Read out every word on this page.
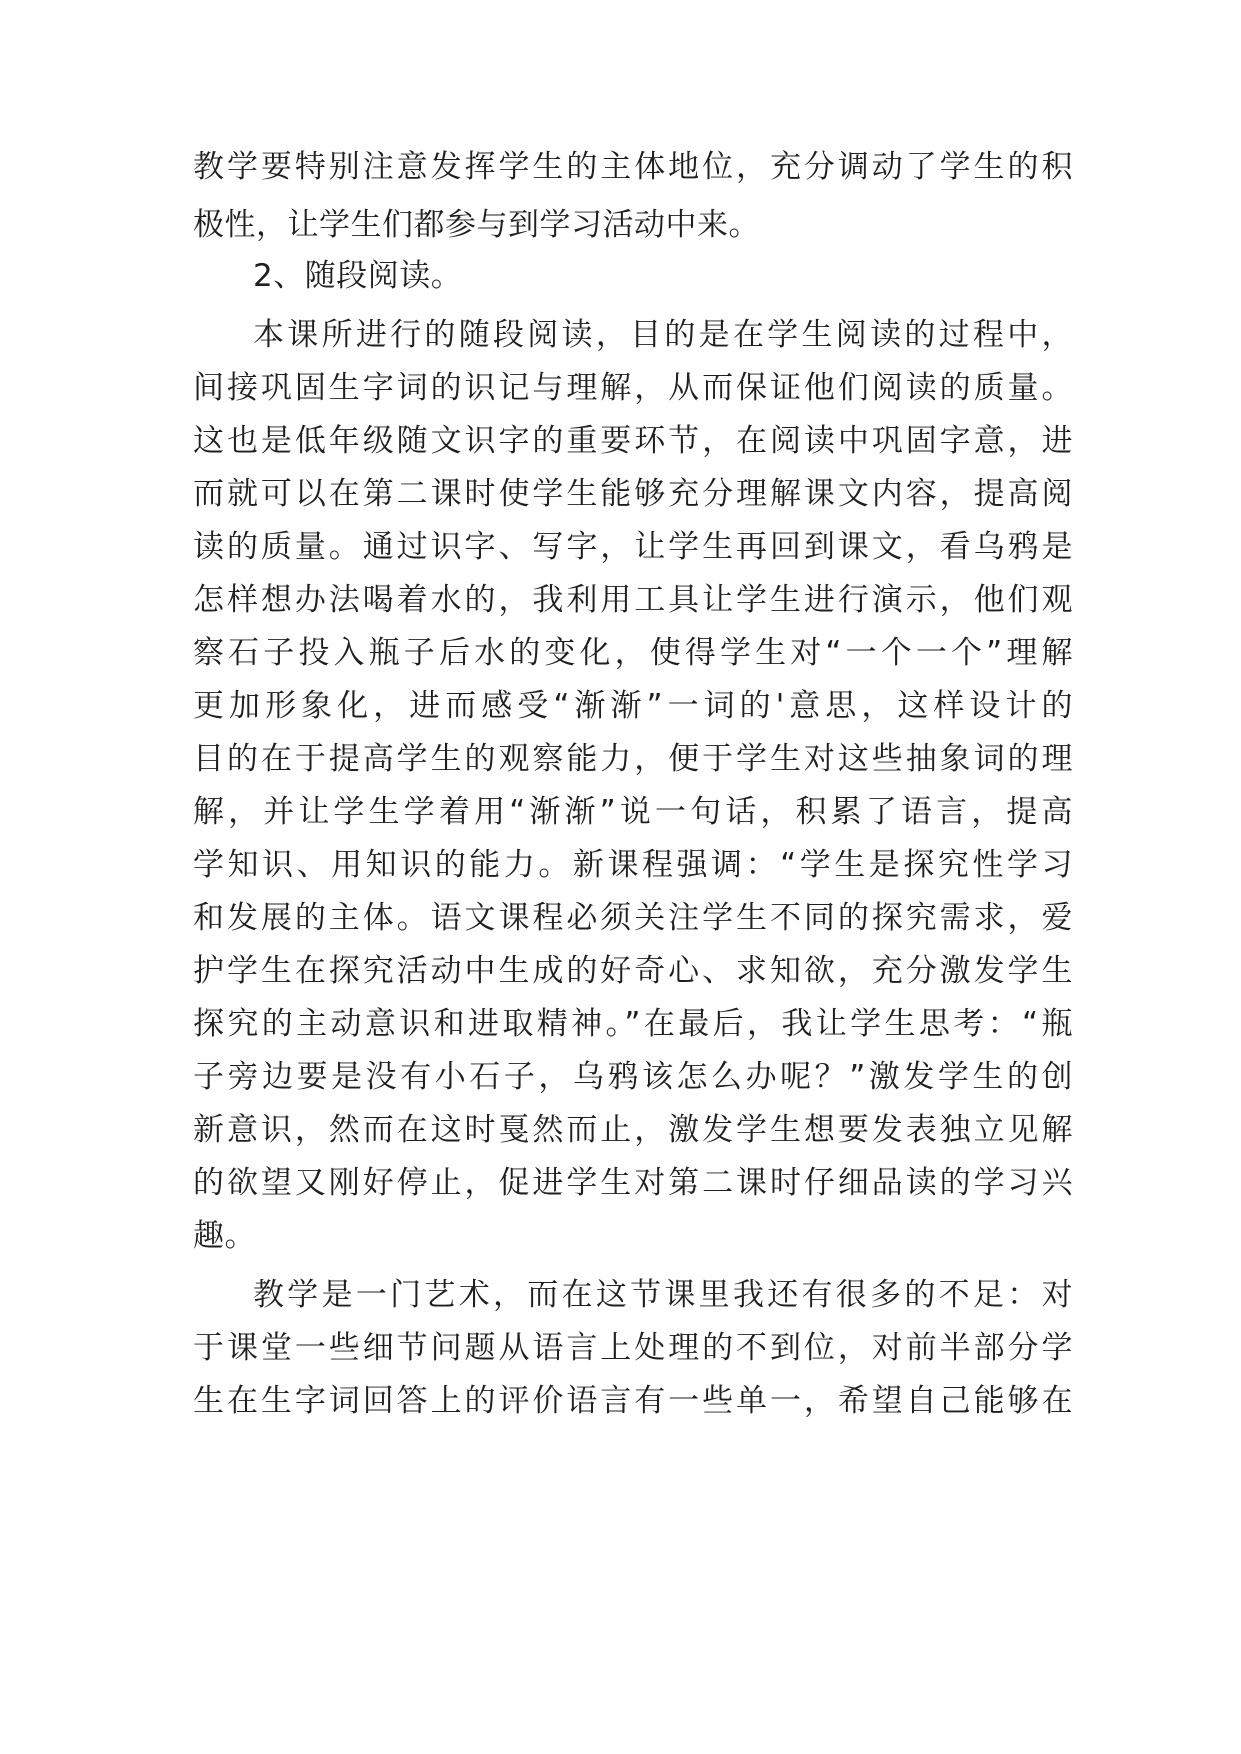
教学要特别注意发挥学生的主体地位，充分调动了学生的积
极性，让学生们都参与到学习活动中来。
2、随段阅读。
本课所进行的随段阅读，目的是在学生阅读的过程中，
间接巩固生字词的识记与理解，从而保证他们阅读的质量。
这也是低年级随文识字的重要环节，在阅读中巩固字意，进
而就可以在第二课时使学生能够充分理解课文内容，提高阅
读的质量。通过识字、写字，让学生再回到课文，看乌鸦是
怎样想办法喝着水的，我利用工具让学生进行演示，他们观
察石子投入瓶子后水的变化，使得学生对“一个一个”理解
更加形象化，进而感受“渐渐”一词的'意思，这样设计的
目的在于提高学生的观察能力，便于学生对这些抽象词的理
解，并让学生学着用“渐渐”说一句话，积累了语言，提高
学知识、用知识的能力。新课程强调：“学生是探究性学习
和发展的主体。语文课程必须关注学生不同的探究需求，爱
护学生在探究活动中生成的好奇心、求知欲，充分激发学生
探究的主动意识和进取精神。”在最后，我让学生思考：“瓶
子旁边要是没有小石子，乌鸦该怎么办呢？”激发学生的创
新意识，然而在这时戛然而止，激发学生想要发表独立见解
的欲望又刚好停止，促进学生对第二课时仔细品读的学习兴
趣。
教学是一门艺术，而在这节课里我还有很多的不足：对
于课堂一些细节问题从语言上处理的不到位，对前半部分学
生在生字词回答上的评价语言有一些单一，希望自己能够在
